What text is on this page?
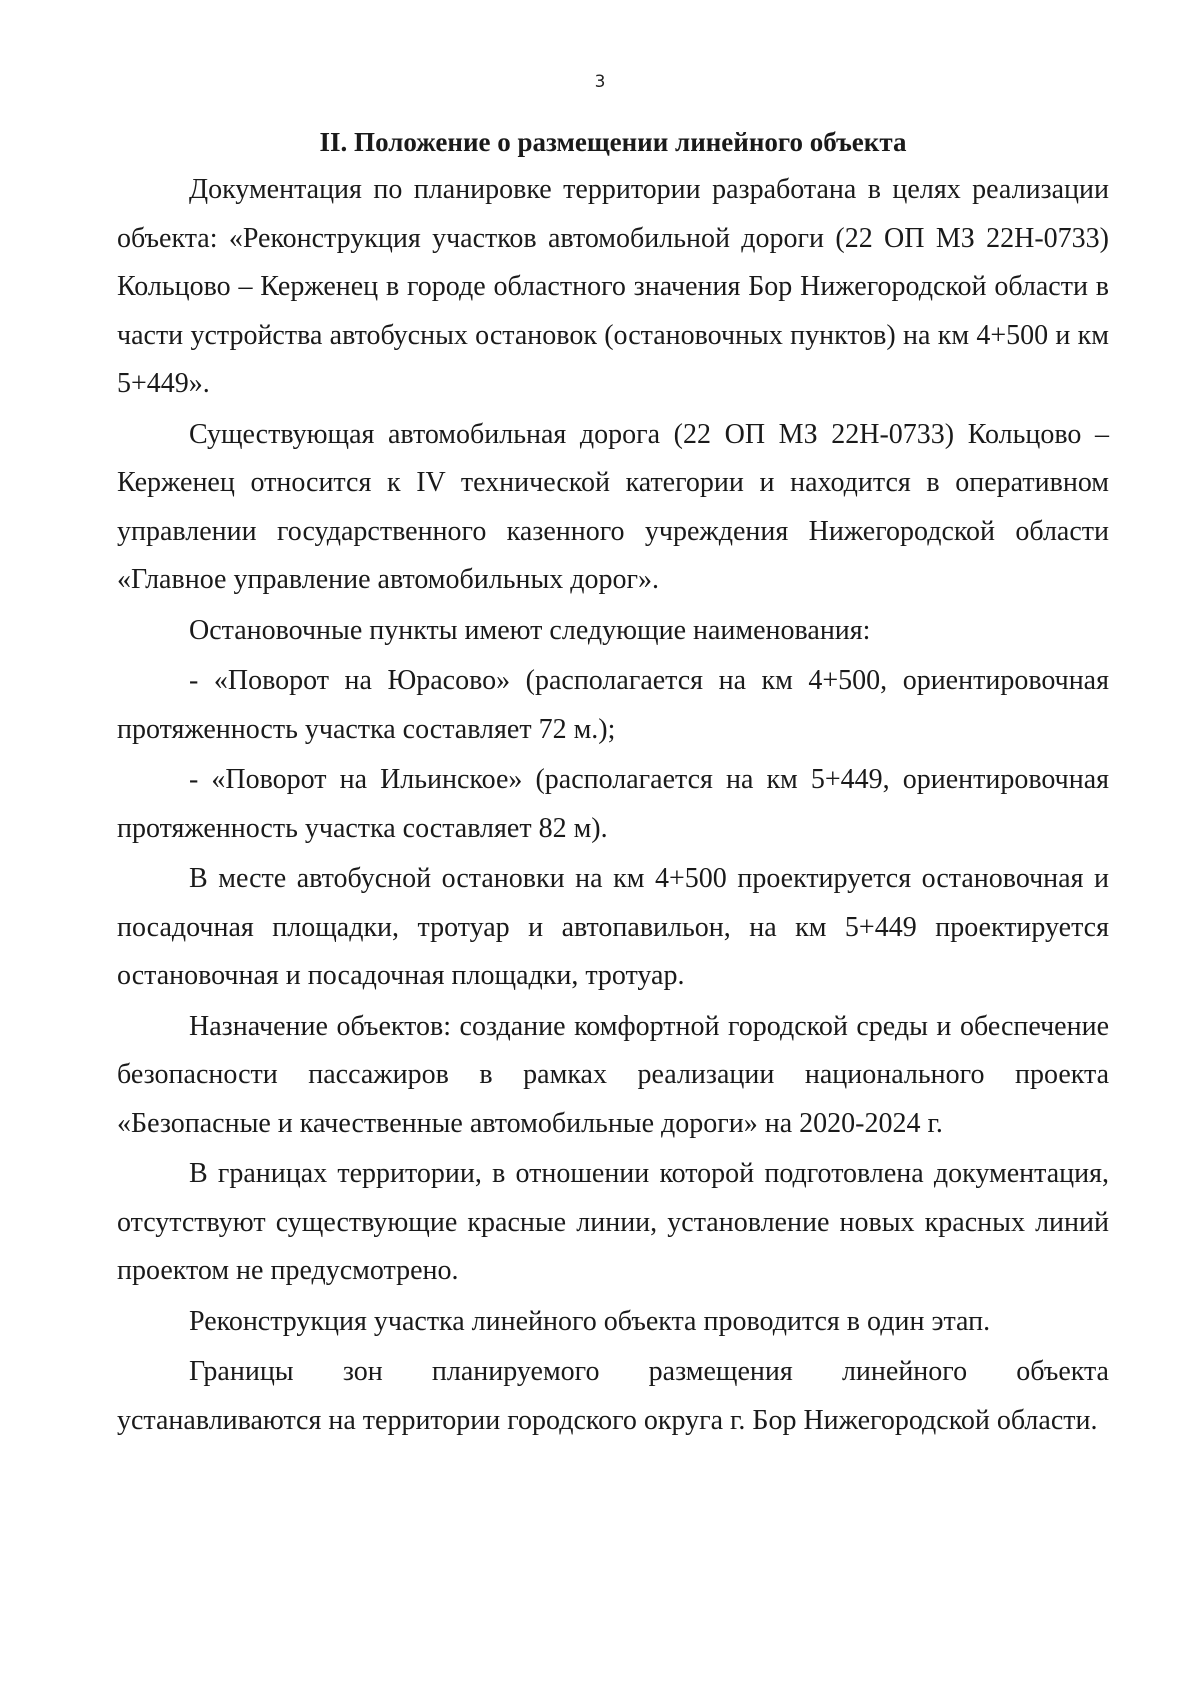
3
II. Положение о размещении линейного объекта

Документация по планировке территории разработана в целях реализации объекта: «Реконструкция участков автомобильной дороги (22 ОП МЗ 22Н-0733) Кольцово – Керженец в городе областного значения Бор Нижегородской области в части устройства автобусных остановок (остановочных пунктов) на км 4+500 и км 5+449».

Существующая автомобильная дорога (22 ОП МЗ 22Н-0733) Кольцово – Керженец относится к IV технической категории и находится в оперативном управлении государственного казенного учреждения Нижегородской области «Главное управление автомобильных дорог».

Остановочные пункты имеют следующие наименования:

- «Поворот на Юрасово» (располагается на км 4+500, ориентировочная протяженность участка составляет 72 м.);

- «Поворот на Ильинское» (располагается на км 5+449, ориентировочная протяженность участка составляет 82 м).

В месте автобусной остановки на км 4+500 проектируется остановочная и посадочная площадки, тротуар и автопавильон, на км 5+449 проектируется остановочная и посадочная площадки, тротуар.

Назначение объектов: создание комфортной городской среды и обеспечение безопасности пассажиров в рамках реализации национального проекта «Безопасные и качественные автомобильные дороги» на 2020-2024 г.

В границах территории, в отношении которой подготовлена документация, отсутствуют существующие красные линии, установление новых красных линий проектом не предусмотрено.

Реконструкция участка линейного объекта проводится в один этап.

Границы зон планируемого размещения линейного объекта устанавливаются на территории городского округа г. Бор Нижегородской области.
